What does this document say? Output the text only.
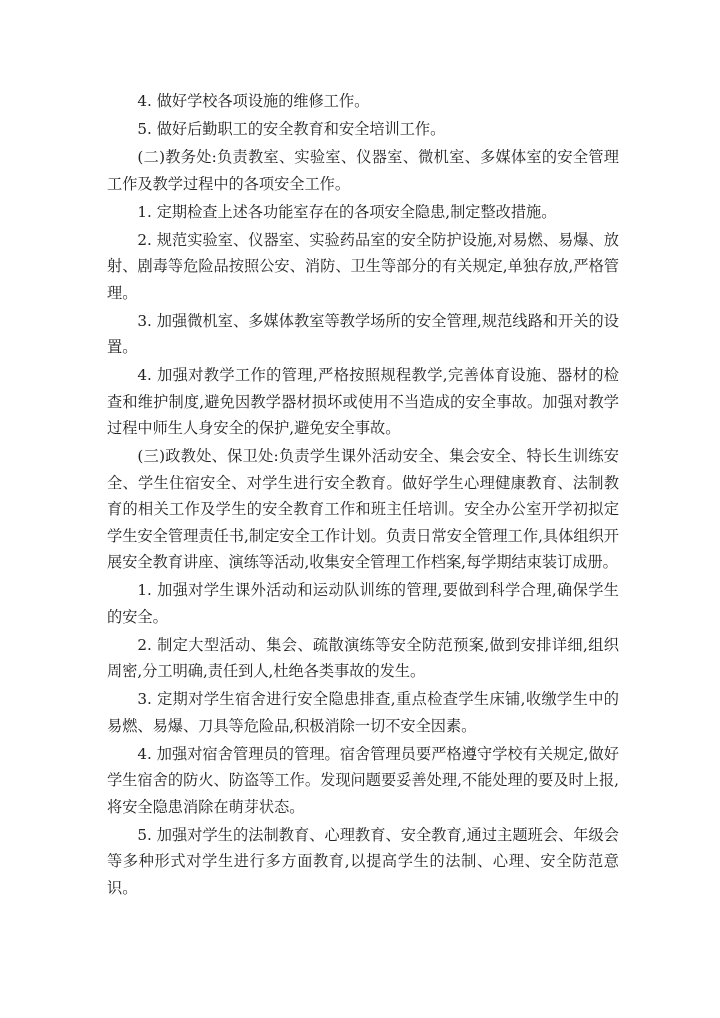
4. 做好学校各项设施的维修工作。

5. 做好后勤职工的安全教育和安全培训工作。

(二)教务处:负责教室、实验室、仪器室、微机室、多媒体室的安全管理工作及教学过程中的各项安全工作。

1. 定期检查上述各功能室存在的各项安全隐患,制定整改措施。

2. 规范实验室、仪器室、实验药品室的安全防护设施,对易燃、易爆、放射、剧毒等危险品按照公安、消防、卫生等部分的有关规定,单独存放,严格管理。

3. 加强微机室、多媒体教室等教学场所的安全管理,规范线路和开关的设置。

4. 加强对教学工作的管理,严格按照规程教学,完善体育设施、器材的检查和维护制度,避免因教学器材损坏或使用不当造成的安全事故。加强对教学过程中师生人身安全的保护,避免安全事故。

(三)政教处、保卫处:负责学生课外活动安全、集会安全、特长生训练安全、学生住宿安全、对学生进行安全教育。做好学生心理健康教育、法制教育的相关工作及学生的安全教育工作和班主任培训。安全办公室开学初拟定学生安全管理责任书,制定安全工作计划。负责日常安全管理工作,具体组织开展安全教育讲座、演练等活动,收集安全管理工作档案,每学期结束装订成册。

1. 加强对学生课外活动和运动队训练的管理,要做到科学合理,确保学生的安全。

2. 制定大型活动、集会、疏散演练等安全防范预案,做到安排详细,组织周密,分工明确,责任到人,杜绝各类事故的发生。

3. 定期对学生宿舍进行安全隐患排查,重点检查学生床铺,收缴学生中的易燃、易爆、刀具等危险品,积极消除一切不安全因素。

4. 加强对宿舍管理员的管理。宿舍管理员要严格遵守学校有关规定,做好学生宿舍的防火、防盗等工作。发现问题要妥善处理,不能处理的要及时上报,将安全隐患消除在萌芽状态。

5. 加强对学生的法制教育、心理教育、安全教育,通过主题班会、年级会等多种形式对学生进行多方面教育,以提高学生的法制、心理、安全防范意识。
